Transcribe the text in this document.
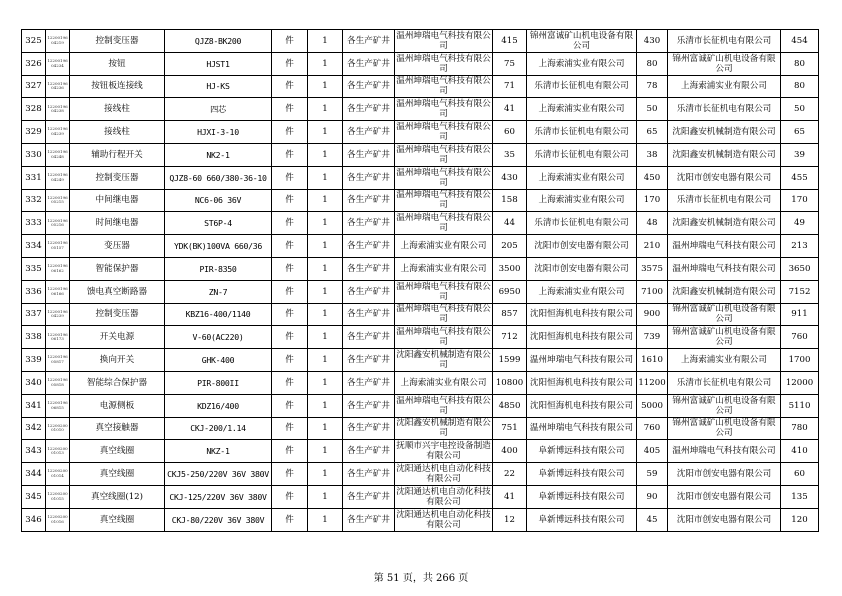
325	12200196 04219	控制变压器	QJZ8-BK200	件	1	各生产矿井	温州坤瑞电气科技有限公司	415	锦州富诚矿山机电设备有限公司	430	乐清市长征机电有限公司	454
326	12200196 04234	按钮	HJST1	件	1	各生产矿井	温州坤瑞电气科技有限公司	75	上海索浦实业有限公司	80	锦州富诚矿山机电设备有限公司	80
327	12200196 04236	按钮板连接线	HJ-KS	件	1	各生产矿井	温州坤瑞电气科技有限公司	71	乐清市长征机电有限公司	78	上海索浦实业有限公司	80
328	12200196 04238	接线柱	四芯	件	1	各生产矿井	温州坤瑞电气科技有限公司	41	上海索浦实业有限公司	50	乐清市长征机电有限公司	50
329	12200196 04239	接线柱	HJXI-3-10	件	1	各生产矿井	温州坤瑞电气科技有限公司	60	乐清市长征机电有限公司	65	沈阳鑫安机械制造有限公司	65
330	12200196 04248	辅助行程开关	NK2-1	件	1	各生产矿井	温州坤瑞电气科技有限公司	35	乐清市长征机电有限公司	38	沈阳鑫安机械制造有限公司	39
331	12200196 04249	控制变压器	QJZ8-60 660/380-36-10	件	1	各生产矿井	温州坤瑞电气科技有限公司	430	上海索浦实业有限公司	450	沈阳市创安电器有限公司	455
332	12200196 05215	中间继电器	NC6-06 36V	件	1	各生产矿井	温州坤瑞电气科技有限公司	158	上海索浦实业有限公司	170	乐清市长征机电有限公司	170
333	12200196 05216	时间继电器	ST6P-4	件	1	各生产矿井	温州坤瑞电气科技有限公司	44	乐清市长征机电有限公司	48	沈阳鑫安机械制造有限公司	49
334	12200196 05157	变压器	YDK(BK)100VA 660/36	件	1	各生产矿井	上海索浦实业有限公司	205	沈阳市创安电器有限公司	210	温州坤瑞电气科技有限公司	213
335	12200196 06162	智能保护器	PIR-8350	件	1	各生产矿井	上海索浦实业有限公司	3500	沈阳市创安电器有限公司	3575	温州坤瑞电气科技有限公司	3650
336	12200196 06166	馈电真空断路器	ZN-7	件	1	各生产矿井	温州坤瑞电气科技有限公司	6950	上海索浦实业有限公司	7100	沈阳鑫安机械制造有限公司	7152
337	12200196 04239	控制变压器	KBZ16-400/1140	件	1	各生产矿井	温州坤瑞电气科技有限公司	857	沈阳恒海机电科技有限公司	900	锦州富诚矿山机电设备有限公司	911
338	12200196 06173	开关电源	V-60(AC220)	件	1	各生产矿井	温州坤瑞电气科技有限公司	712	沈阳恒海机电科技有限公司	739	锦州富诚矿山机电设备有限公司	760
339	12200196 05817	换向开关	GHK-400	件	1	各生产矿井	沈阳鑫安机械制造有限公司	1599	温州坤瑞电气科技有限公司	1610	上海索浦实业有限公司	1700
340	12200196 05818	智能综合保护器	PIR-800II	件	1	各生产矿井	上海索浦实业有限公司	10800	沈阳恒海机电科技有限公司	11200	乐清市长征机电有限公司	12000
341	12200196 06815	电源侧板	KDZ16/400	件	1	各生产矿井	温州坤瑞电气科技有限公司	4850	沈阳恒海机电科技有限公司	5000	锦州富诚矿山机电设备有限公司	5110
342	12200200 01010	真空接触器	CKJ-200/1.14	件	1	各生产矿井	沈阳鑫安机械制造有限公司	751	温州坤瑞电气科技有限公司	760	锦州富诚矿山机电设备有限公司	780
343	12200200 01013	真空线圈	NKZ-1	件	1	各生产矿井	抚顺市兴宇电控设备制造有限公司	400	阜新博远科技有限公司	405	温州坤瑞电气科技有限公司	410
344	12200200 01014	真空线圈	CKJ5-250/220V 36V 380V	件	1	各生产矿井	沈阳通达机电自动化科技有限公司	22	阜新博远科技有限公司	59	沈阳市创安电器有限公司	60
345	12200200 01015	真空线圈(12)	CKJ-125/220V 36V 380V	件	1	各生产矿井	沈阳通达机电自动化科技有限公司	41	阜新博远科技有限公司	90	沈阳市创安电器有限公司	135
346	12200200 01016	真空线圈	CKJ-80/220V 36V 380V	件	1	各生产矿井	沈阳通达机电自动化科技有限公司	12	阜新博远科技有限公司	45	沈阳市创安电器有限公司	120
第 51 页，共 266 页
